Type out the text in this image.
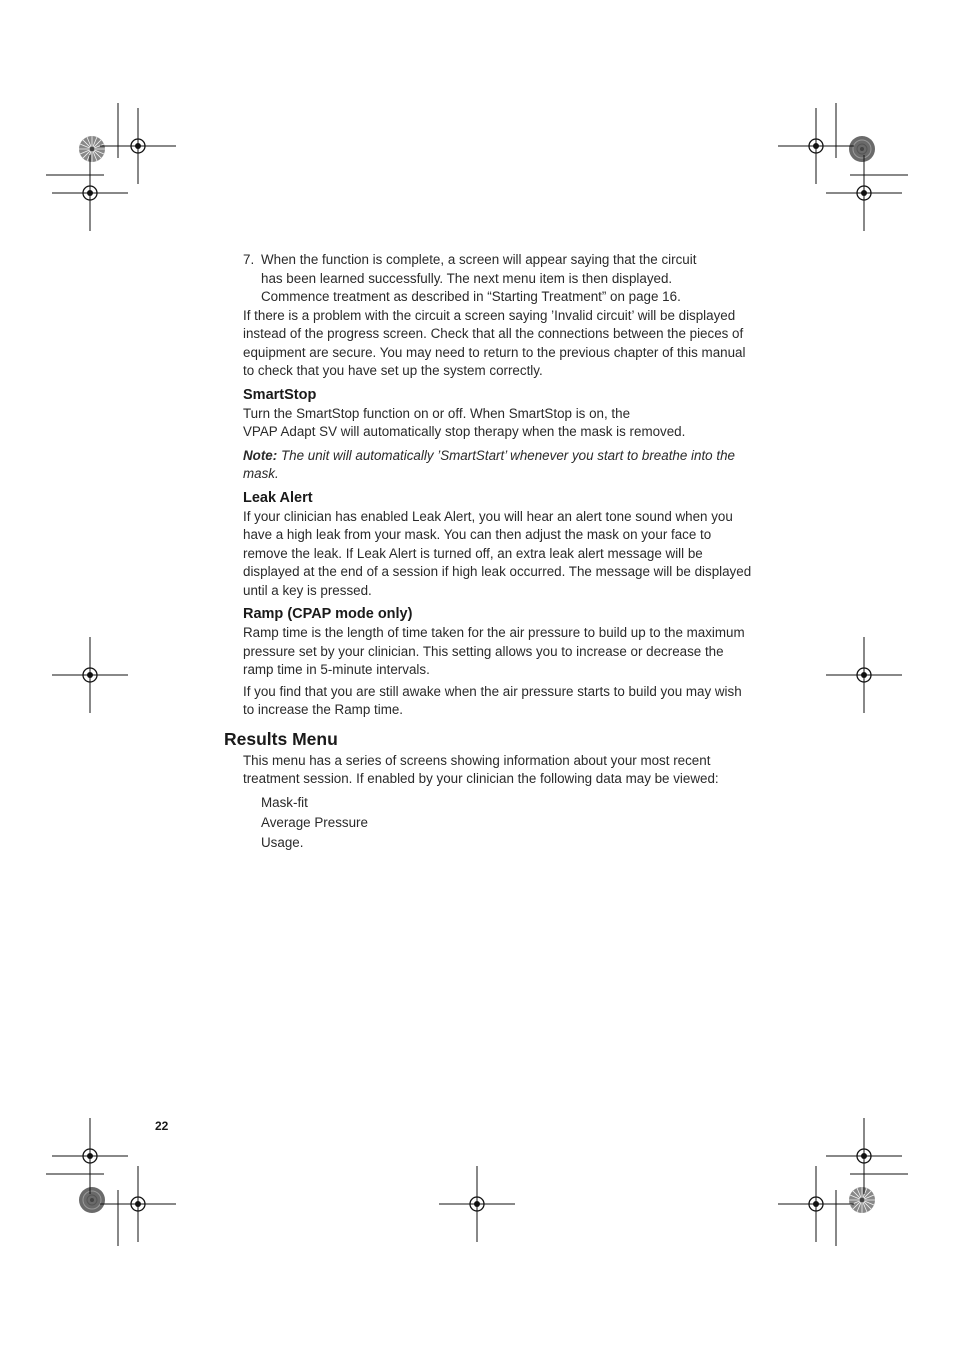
7. When the function is complete, a screen will appear saying that the circuit
has been learned successfully. The next menu item is then displayed.
Commence treatment as described in “Starting Treatment” on page 16.

If there is a problem with the circuit a screen saying ’Invalid circuit’ will be displayed instead of the progress screen. Check that all the connections between the pieces of equipment are secure. You may need to return to the previous chapter of this manual to check that you have set up the system correctly.

SmartStop

Turn the SmartStop function on or off. When SmartStop is on, the
VPAP Adapt SV will automatically stop therapy when the mask is removed.

Note: The unit will automatically ’SmartStart’ whenever you start to breathe into the mask.

Leak Alert

If your clinician has enabled Leak Alert, you will hear an alert tone sound when you have a high leak from your mask. You can then adjust the mask on your face to remove the leak. If Leak Alert is turned off, an extra leak alert message will be displayed at the end of a session if high leak occurred. The message will be displayed until a key is pressed.

Ramp (CPAP mode only)

Ramp time is the length of time taken for the air pressure to build up to the maximum pressure set by your clinician. This setting allows you to increase or decrease the ramp time in 5-minute intervals.

If you find that you are still awake when the air pressure starts to build you may wish to increase the Ramp time.

Results Menu

This menu has a series of screens showing information about your most recent treatment session. If enabled by your clinician the following data may be viewed:

Mask-fit
Average Pressure
Usage.
22
